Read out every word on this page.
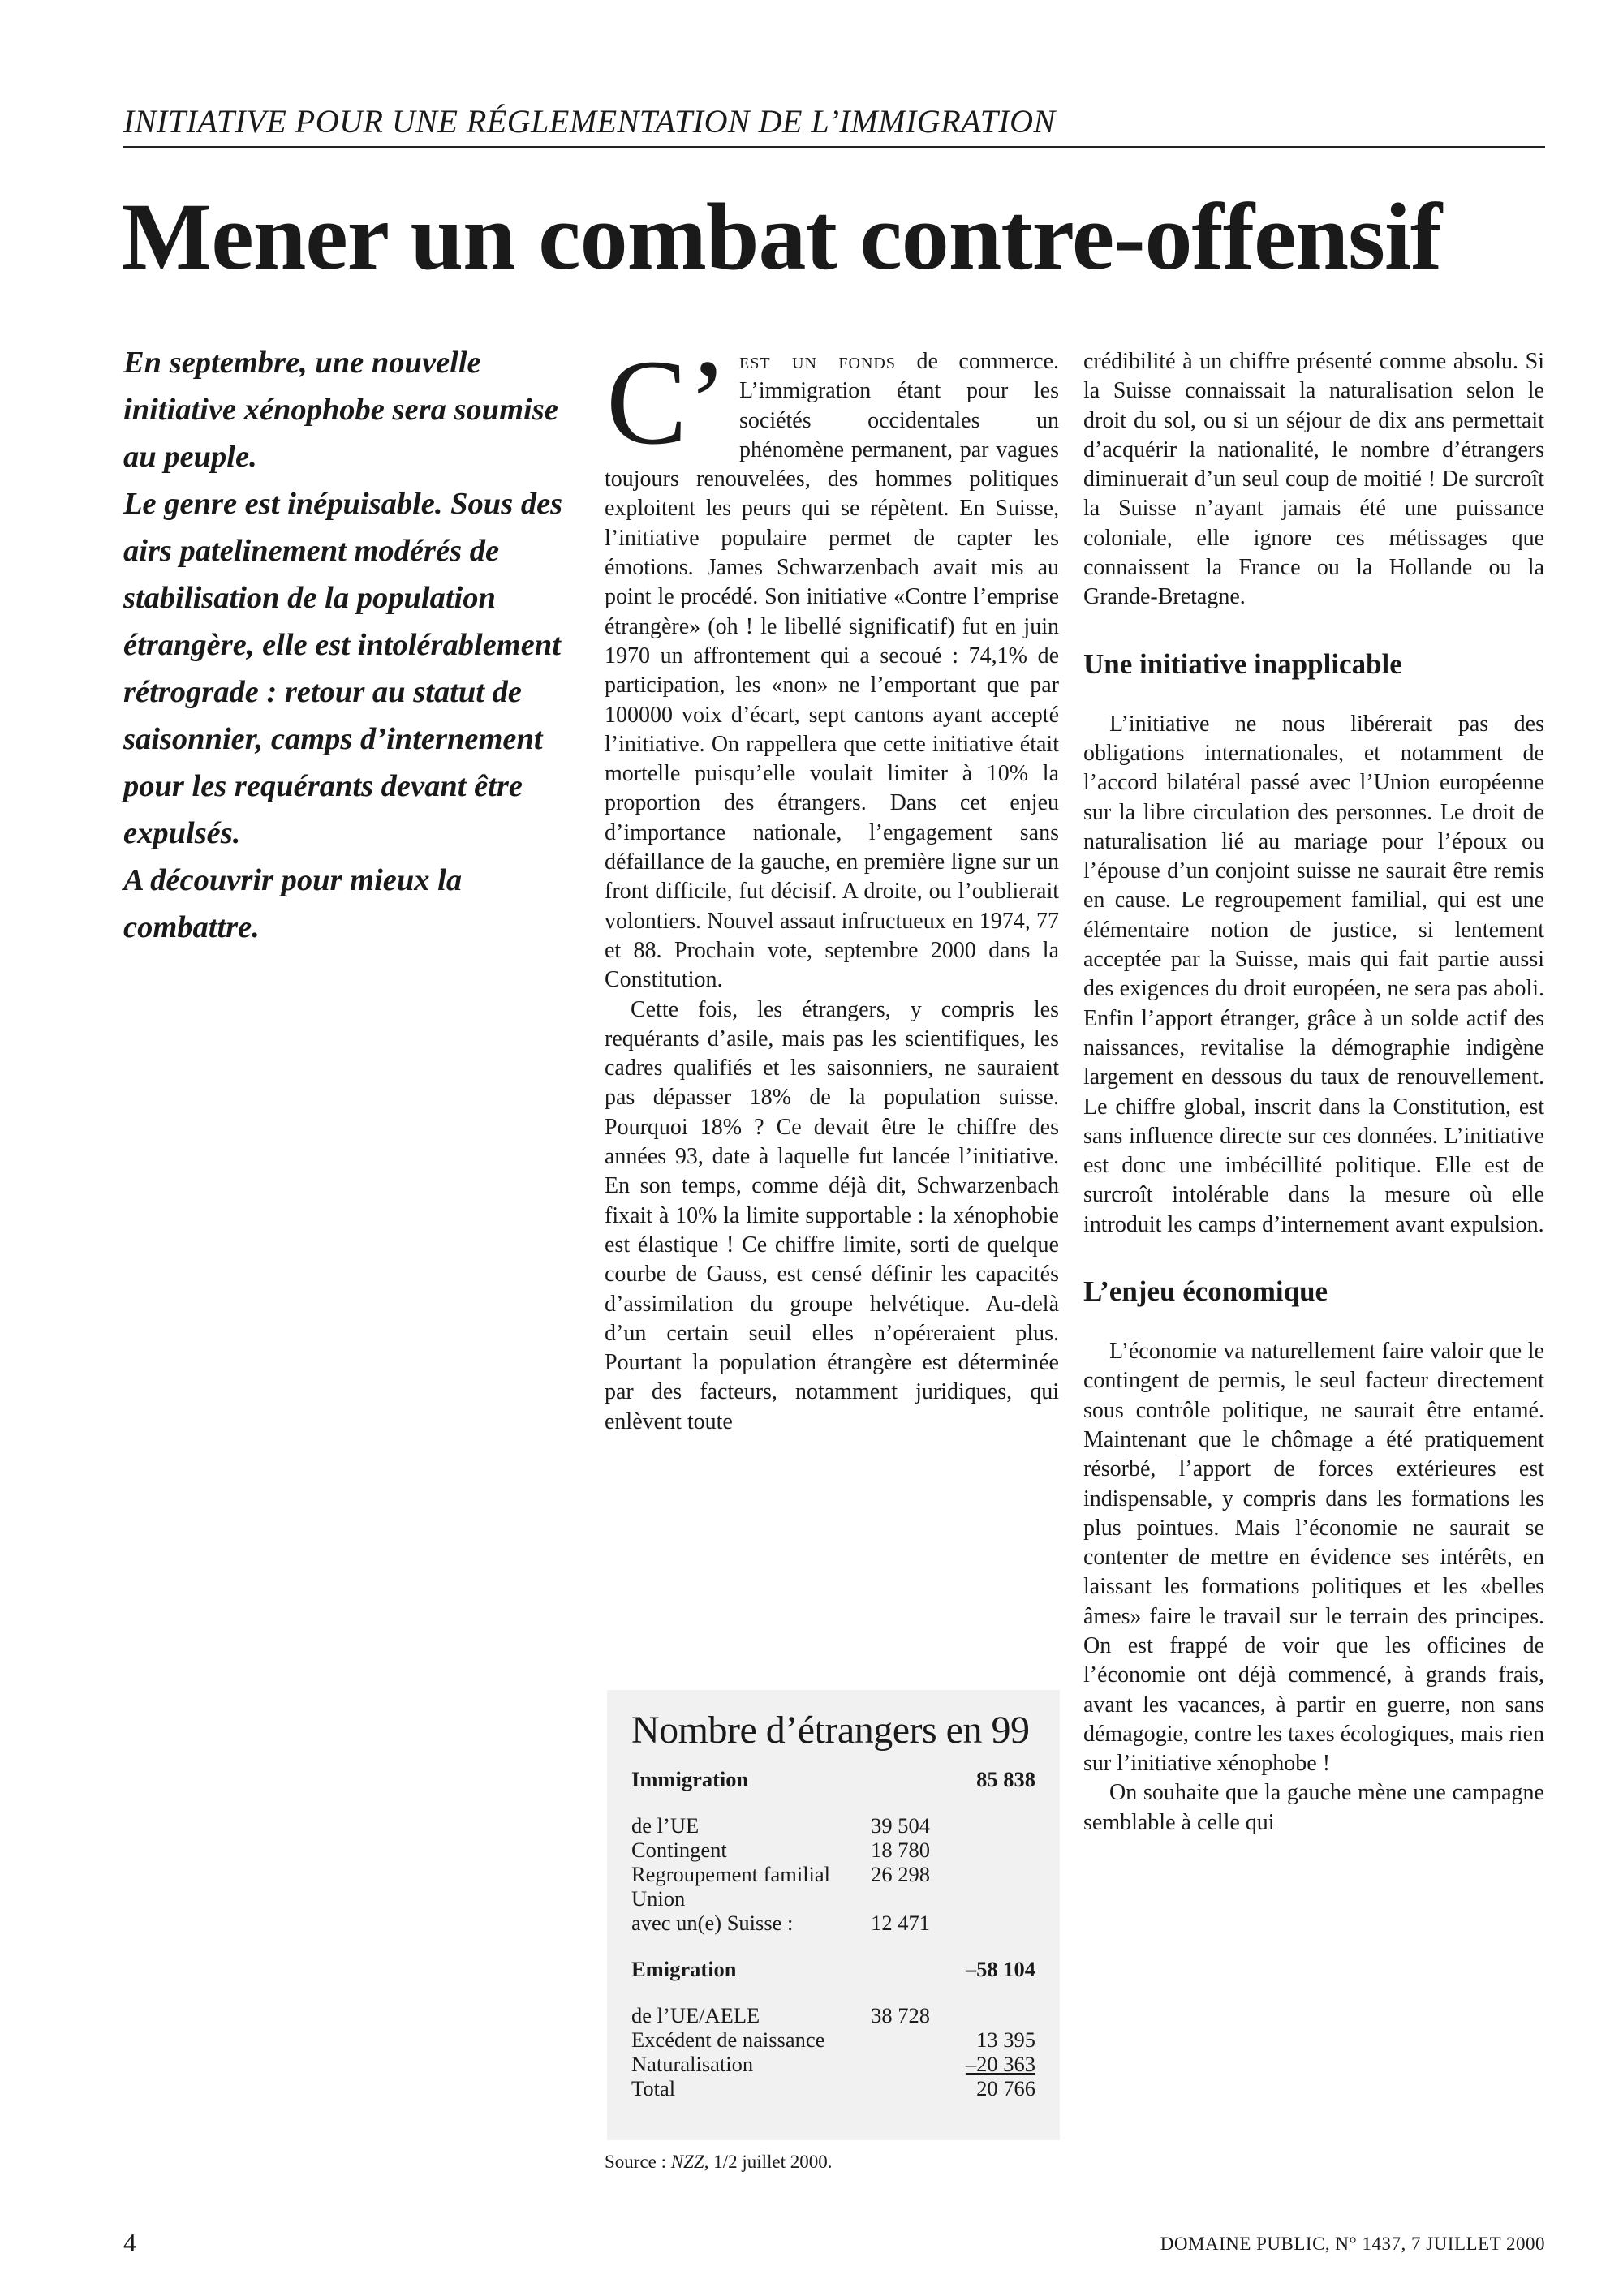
INITIATIVE POUR UNE RÉGLEMENTATION DE L’IMMIGRATION
Mener un combat contre-offensif

En septembre, une nouvelle initiative xénophobe sera soumise au peuple.

Le genre est inépuisable. Sous des airs patelinement modérés de stabilisation de la population étrangère, elle est intolérablement rétrograde : retour au statut de saisonnier, camps d’internement pour les requérants devant être expulsés.

A découvrir pour mieux la combattre.

C’ est un fonds de commerce. L’immigration étant pour les sociétés occidentales un phénomène permanent, par vagues toujours renouvelées, des hommes politiques exploitent les peurs qui se répètent. En Suisse, l’initiative populaire permet de capter les émotions. James Schwarzenbach avait mis au point le procédé. Son initiative «Contre l’emprise étrangère» (oh ! le libellé significatif) fut en juin 1970 un affrontement qui a secoué : 74,1% de participation, les «non» ne l’emportant que par 100000 voix d’écart, sept cantons ayant accepté l’initiative. On rappellera que cette initiative était mortelle puisqu’elle voulait limiter à 10% la proportion des étrangers. Dans cet enjeu d’importance nationale, l’engagement sans défaillance de la gauche, en première ligne sur un front difficile, fut décisif. A droite, ou l’oublierait volontiers. Nouvel assaut infructueux en 1974, 77 et 88. Prochain vote, septembre 2000 dans la Constitution.

Cette fois, les étrangers, y compris les requérants d’asile, mais pas les scientifiques, les cadres qualifiés et les saisonniers, ne sauraient pas dépasser 18% de la population suisse. Pourquoi 18% ? Ce devait être le chiffre des années 93, date à laquelle fut lancée l’initiative. En son temps, comme déjà dit, Schwarzenbach fixait à 10% la limite supportable : la xénophobie est élastique ! Ce chiffre limite, sorti de quelque courbe de Gauss, est censé définir les capacités d’assimilation du groupe helvétique. Au-delà d’un certain seuil elles n’opéreraient plus. Pourtant la population étrangère est déterminée par des facteurs, notamment juridiques, qui enlèvent toute

crédibilité à un chiffre présenté comme absolu. Si la Suisse connaissait la naturalisation selon le droit du sol, ou si un séjour de dix ans permettait d’acquérir la nationalité, le nombre d’étrangers diminuerait d’un seul coup de moitié ! De surcroît la Suisse n’ayant jamais été une puissance coloniale, elle ignore ces métissages que connaissent la France ou la Hollande ou la Grande-Bretagne.

Une initiative inapplicable

L’initiative ne nous libérerait pas des obligations internationales, et notamment de l’accord bilatéral passé avec l’Union européenne sur la libre circulation des personnes. Le droit de naturalisation lié au mariage pour l’époux ou l’épouse d’un conjoint suisse ne saurait être remis en cause. Le regroupement familial, qui est une élémentaire notion de justice, si lentement acceptée par la Suisse, mais qui fait partie aussi des exigences du droit européen, ne sera pas aboli. Enfin l’apport étranger, grâce à un solde actif des naissances, revitalise la démographie indigène largement en dessous du taux de renouvellement. Le chiffre global, inscrit dans la Constitution, est sans influence directe sur ces données. L’initiative est donc une imbécillité politique. Elle est de surcroît intolérable dans la mesure où elle introduit les camps d’internement avant expulsion.

L’enjeu économique

L’économie va naturellement faire valoir que le contingent de permis, le seul facteur directement sous contrôle politique, ne saurait être entamé. Maintenant que le chômage a été pratiquement résorbé, l’apport de forces extérieures est indispensable, y compris dans les formations les plus pointues. Mais l’économie ne saurait se contenter de mettre en évidence ses intérêts, en laissant les formations politiques et les «belles âmes» faire le travail sur le terrain des principes. On est frappé de voir que les officines de l’économie ont déjà commencé, à grands frais, avant les vacances, à partir en guerre, non sans démagogie, contre les taxes écologiques, mais rien sur l’initiative xénophobe !

On souhaite que la gauche mène une campagne semblable à celle qui

Nombre d’étrangers en 99
Immigration	85 838
de l’UE	39 504
Contingent	18 780
Regroupement familial 26 298
Union
avec un(e) Suisse :	12 471
Emigration	–58 104
de l’UE/AELE	38 728
Excédent de naissance	13 395
Naturalisation	–20 363
Total	20 766
Source : NZZ, 1/2 juillet 2000.
4	DOMAINE PUBLIC, N° 1437, 7 JUILLET 2000
